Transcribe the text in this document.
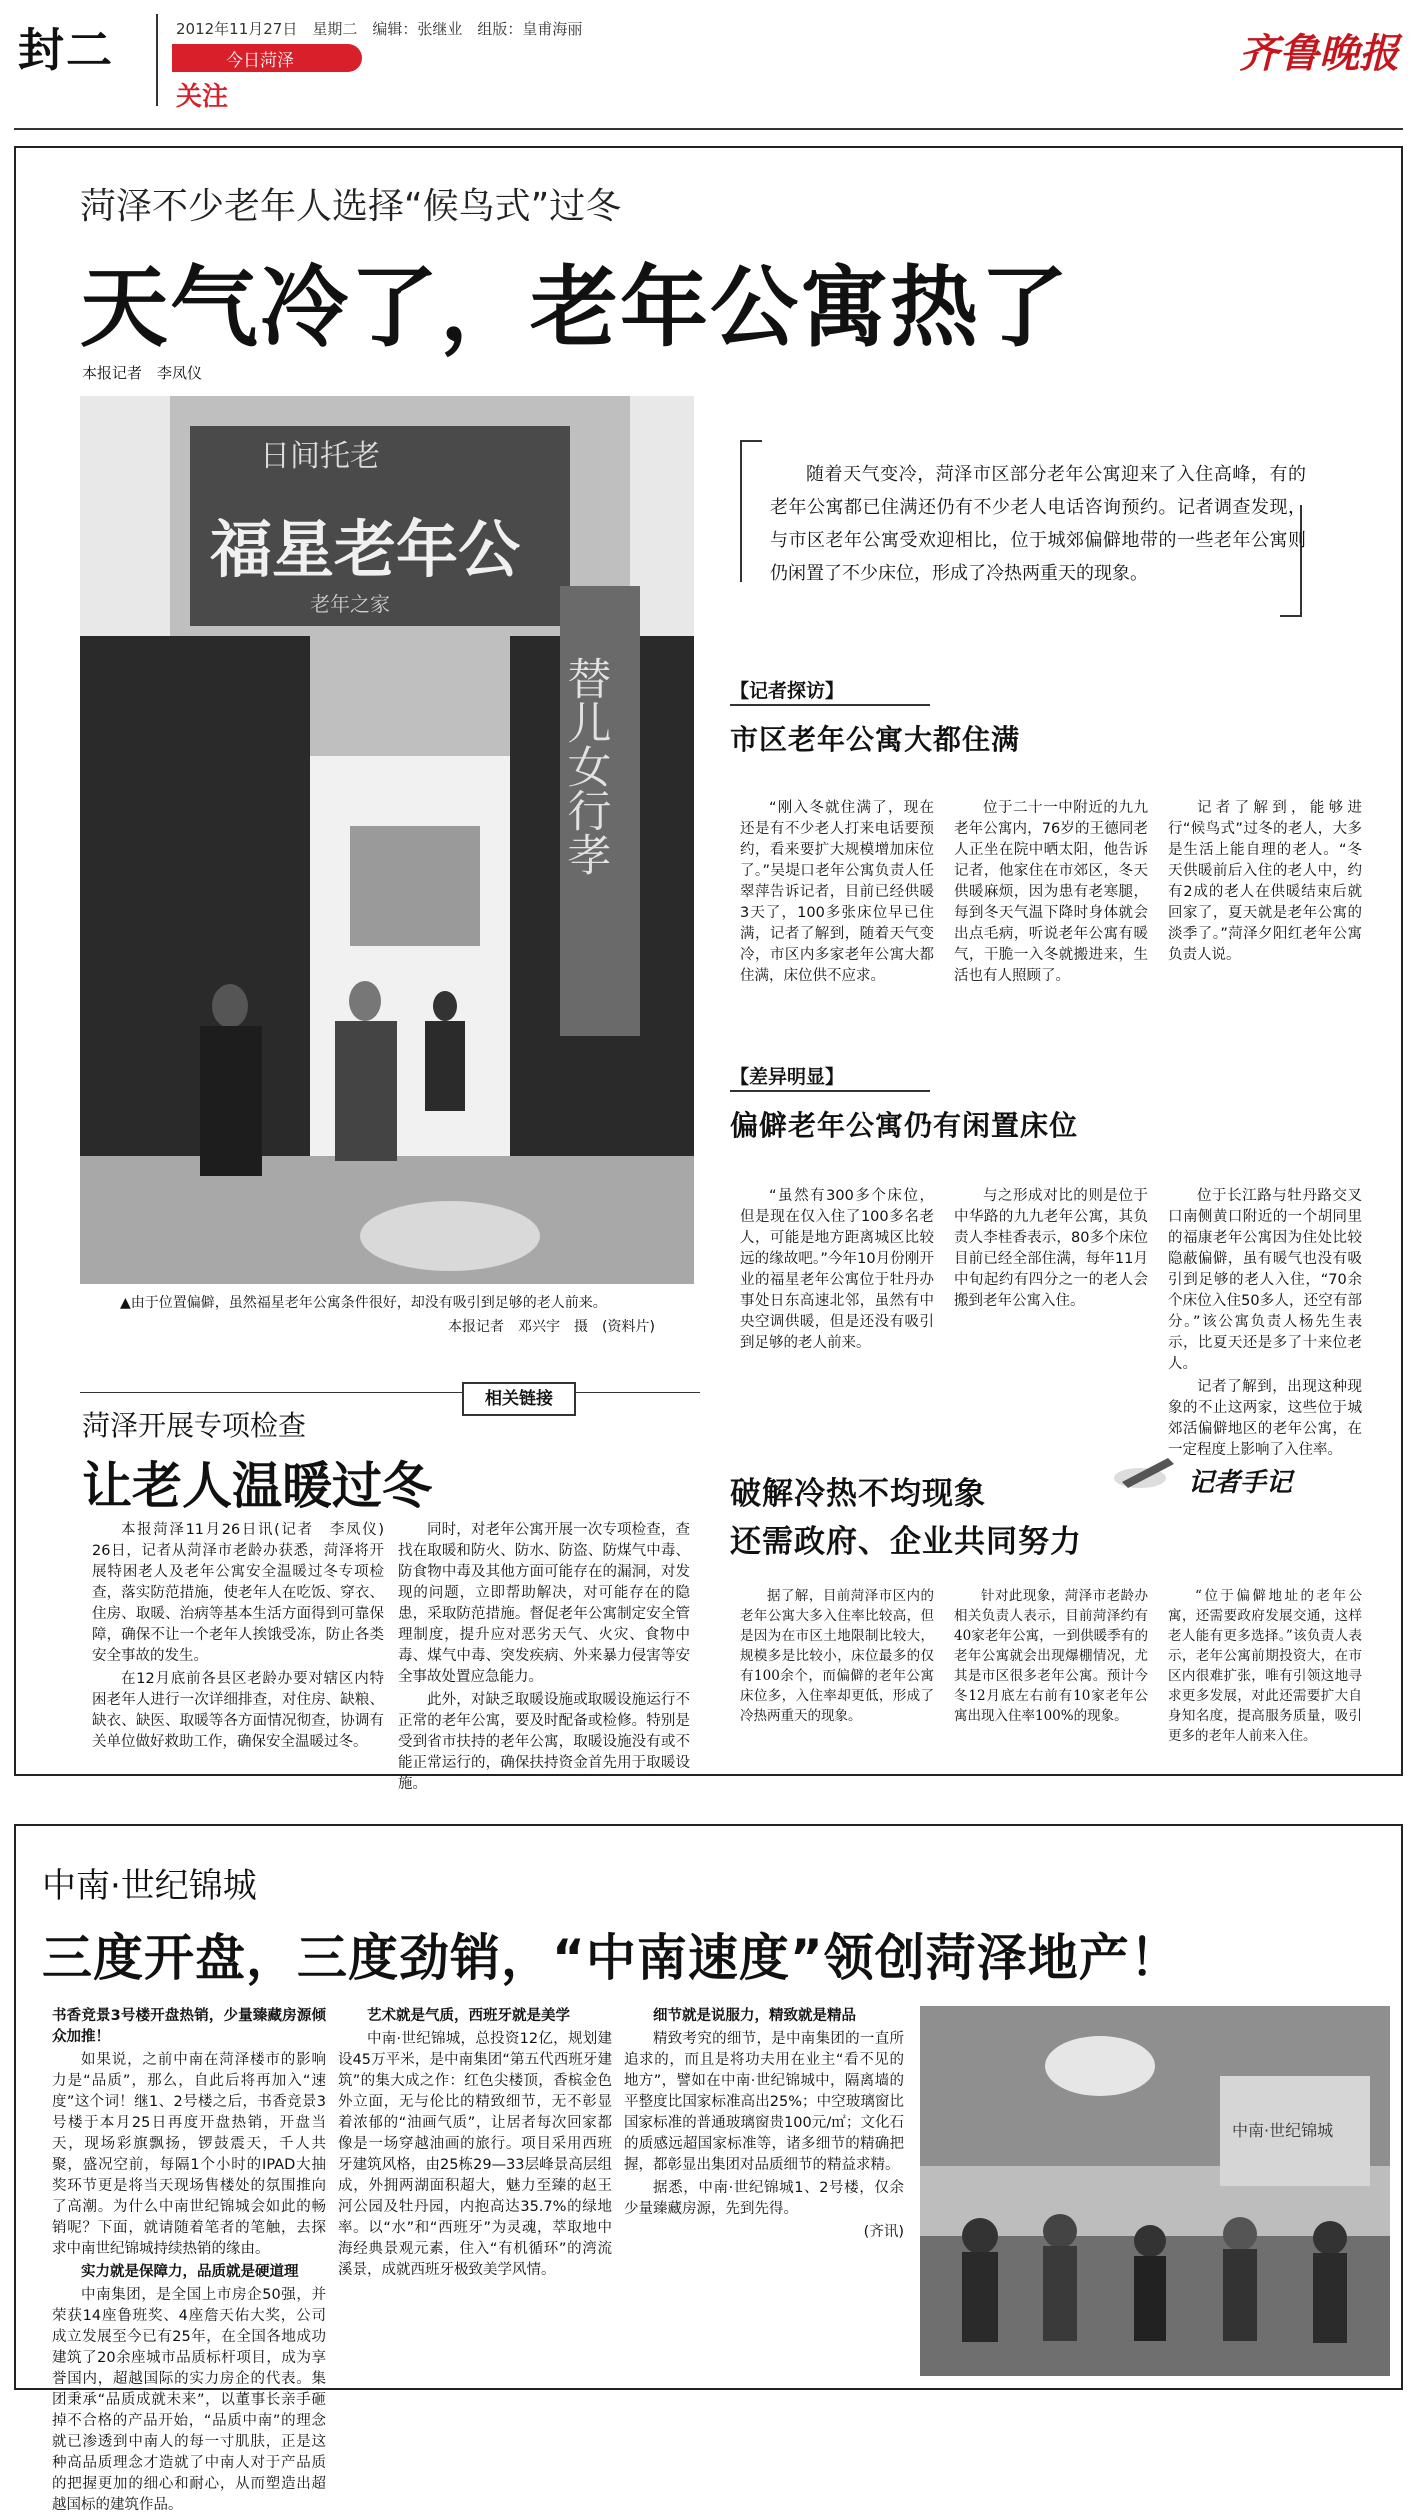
封二	2012年11月27日　星期二　编辑：张继业　组版：皇甫海丽
今日菏泽
关注
齐鲁晚报
菏泽不少老年人选择“候鸟式”过冬
天气冷了，老年公寓热了
本报记者　李凤仪
日间托老
福星老年公
老年之家
替儿女行孝
▲由于位置偏僻，虽然福星老年公寓条件很好，却没有吸引到足够的老人前来。
本报记者　邓兴宇　摄　(资料片)
随着天气变冷，菏泽市区部分老年公寓迎来了入住高峰，有的老年公寓都已住满还仍有不少老人电话咨询预约。记者调查发现，与市区老年公寓受欢迎相比，位于城郊偏僻地带的一些老年公寓则仍闲置了不少床位，形成了冷热两重天的现象。
【记者探访】
市区老年公寓大都住满

“刚入冬就住满了，现在还是有不少老人打来电话要预约，看来要扩大规模增加床位了。”吴堤口老年公寓负责人任翠萍告诉记者，目前已经供暖3天了，100多张床位早已住满，记者了解到，随着天气变冷，市区内多家老年公寓大都住满，床位供不应求。

位于二十一中附近的九九老年公寓内，76岁的王德同老人正坐在院中晒太阳，他告诉记者，他家住在市郊区，冬天供暖麻烦，因为患有老寒腿，每到冬天气温下降时身体就会出点毛病，听说老年公寓有暖气，干脆一入冬就搬进来，生活也有人照顾了。

记者了解到，能够进行“候鸟式”过冬的老人，大多是生活上能自理的老人。“冬天供暖前后入住的老人中，约有2成的老人在供暖结束后就回家了，夏天就是老年公寓的淡季了。”菏泽夕阳红老年公寓负责人说。

【差异明显】
偏僻老年公寓仍有闲置床位

“虽然有300多个床位，但是现在仅入住了100多名老人，可能是地方距离城区比较远的缘故吧。”今年10月份刚开业的福星老年公寓位于牡丹办事处日东高速北邻，虽然有中央空调供暖，但是还没有吸引到足够的老人前来。

与之形成对比的则是位于中华路的九九老年公寓，其负责人李桂香表示，80多个床位目前已经全部住满，每年11月中旬起约有四分之一的老人会搬到老年公寓入住。

位于长江路与牡丹路交叉口南侧黄口附近的一个胡同里的福康老年公寓因为住处比较隐蔽偏僻，虽有暖气也没有吸引到足够的老人入住，“70余个床位入住50多人，还空有部分。”该公寓负责人杨先生表示，比夏天还是多了十来位老人。

记者了解到，出现这种现象的不止这两家，这些位于城郊活偏僻地区的老年公寓，在一定程度上影响了入住率。

破解冷热不均现象
还需政府、企业共同努力
记者手记

据了解，目前菏泽市区内的老年公寓大多入住率比较高，但是因为在市区土地限制比较大，规模多是比较小，床位最多的仅有100余个，而偏僻的老年公寓床位多，入住率却更低，形成了冷热两重天的现象。

针对此现象，菏泽市老龄办相关负责人表示，目前菏泽约有40家老年公寓，一到供暖季有的老年公寓就会出现爆棚情况，尤其是市区很多老年公寓。预计今冬12月底左右前有10家老年公寓出现入住率100%的现象。

“位于偏僻地址的老年公寓，还需要政府发展交通，这样老人能有更多选择。”该负责人表示，老年公寓前期投资大，在市区内很难扩张，唯有引领这地寻求更多发展，对此还需要扩大自身知名度，提高服务质量，吸引更多的老年人前来入住。

相关链接
菏泽开展专项检查
让老人温暖过冬

本报菏泽11月26日讯(记者　李凤仪)　26日，记者从菏泽市老龄办获悉，菏泽将开展特困老人及老年公寓安全温暖过冬专项检查，落实防范措施，使老年人在吃饭、穿衣、住房、取暖、治病等基本生活方面得到可靠保障，确保不让一个老年人挨饿受冻，防止各类安全事故的发生。

在12月底前各县区老龄办要对辖区内特困老年人进行一次详细排查，对住房、缺粮、缺衣、缺医、取暖等各方面情况彻查，协调有关单位做好救助工作，确保安全温暖过冬。

同时，对老年公寓开展一次专项检查，查找在取暖和防火、防水、防盗、防煤气中毒、防食物中毒及其他方面可能存在的漏洞，对发现的问题，立即帮助解决，对可能存在的隐患，采取防范措施。督促老年公寓制定安全管理制度，提升应对恶劣天气、火灾、食物中毒、煤气中毒、突发疾病、外来暴力侵害等安全事故处置应急能力。

此外，对缺乏取暖设施或取暖设施运行不正常的老年公寓，要及时配备或检修。特别是受到省市扶持的老年公寓，取暖设施没有或不能正常运行的，确保扶持资金首先用于取暖设施。

中南·世纪锦城
三度开盘，三度劲销，“中南速度”领创菏泽地产！

书香竞景3号楼开盘热销，少量臻藏房源倾众加推！

如果说，之前中南在菏泽楼市的影响力是“品质”，那么，自此后将再加入“速度”这个词！继1、2号楼之后，书香竞景3号楼于本月25日再度开盘热销，开盘当天，现场彩旗飘扬，锣鼓震天，千人共聚，盛况空前，每隔1个小时的IPAD大抽奖环节更是将当天现场售楼处的氛围推向了高潮。为什么中南世纪锦城会如此的畅销呢？下面，就请随着笔者的笔触，去探求中南世纪锦城持续热销的缘由。

实力就是保障力，品质就是硬道理

中南集团，是全国上市房企50强，并荣获14座鲁班奖、4座詹天佑大奖，公司成立发展至今已有25年，在全国各地成功建筑了20余座城市品质标杆项目，成为享誉国内，超越国际的实力房企的代表。集团秉承“品质成就未来”，以董事长亲手砸掉不合格的产品开始，“品质中南”的理念就已渗透到中南人的每一寸肌肤，正是这种高品质理念才造就了中南人对于产品质的把握更加的细心和耐心，从而塑造出超越国标的建筑作品。

艺术就是气质，西班牙就是美学

中南·世纪锦城，总投资12亿，规划建设45万平米，是中南集团“第五代西班牙建筑”的集大成之作：红色尖楼顶，香槟金色外立面，无与伦比的精致细节，无不彰显着浓郁的“油画气质”，让居者每次回家都像是一场穿越油画的旅行。项目采用西班牙建筑风格，由25栋29—33层峰景高层组成，外拥两湖面积超大，魅力至臻的赵王河公园及牡丹园，内抱高达35.7%的绿地率。以“水”和“西班牙”为灵魂，萃取地中海经典景观元素，住入“有机循环”的湾流溪景，成就西班牙极致美学风情。

细节就是说服力，精致就是精品

精致考究的细节，是中南集团的一直所追求的，而且是将功夫用在业主“看不见的地方”，譬如在中南·世纪锦城中，隔离墙的平整度比国家标准高出25%；中空玻璃窗比国家标准的普通玻璃窗贵100元/㎡；文化石的质感远超国家标准等，诸多细节的精确把握，都彰显出集团对品质细节的精益求精。

据悉，中南·世纪锦城1、2号楼，仅余少量臻藏房源，先到先得。

(齐讯)

中南·世纪锦城
